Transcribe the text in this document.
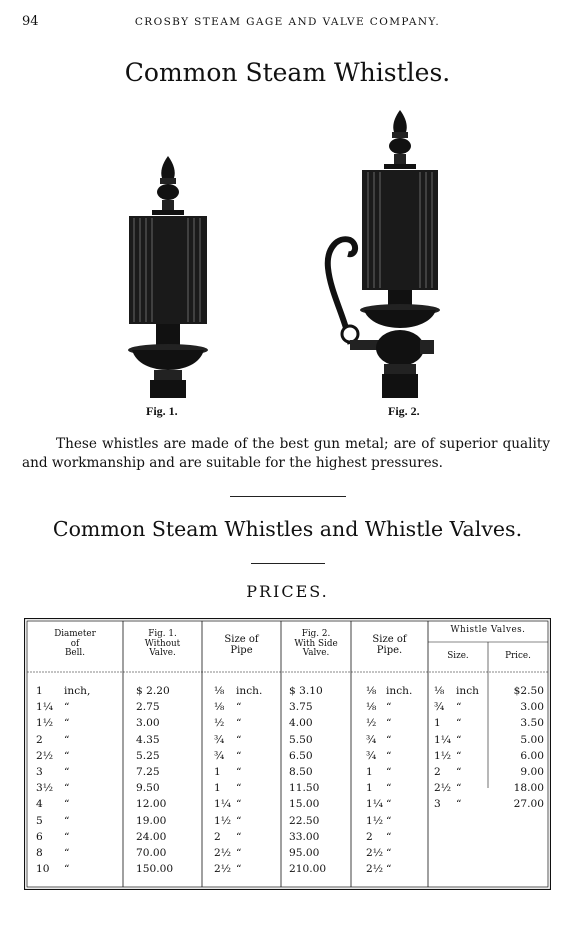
94	CROSBY STEAM GAGE AND VALVE COMPANY.
Common Steam Whistles.
Fig. 1.	Fig. 2.
These whistles are made of the best gun metal; are of superior quality and workmanship and are suitable for the highest pressures.
Common Steam Whistles and Whistle Valves.
PRICES.
Diameter
of
Bell.
Fig. 1.
Without
Valve.
Size of
Pipe
Fig. 2.
With Side
Valve.
Size of
Pipe.
Whistle Valves.
Size.	Price.
1	inch,	$ 2.20	⅛	inch.	$ 3.10	⅛ inch.	⅛	inch	$2.50
1¼	“	2.75	⅛	“	3.75	⅛ “	¾	“	3.00
1½	“	3.00	½	“	4.00	½ “	1	“	3.50
2	“	4.35	¾	“	5.50	¾ “	1¼ “	5.00
2½	“	5.25	¾	“	6.50	¾ “	1½ “	6.00
3	“	7.25	1	“	8.50	1	“	2	“	9.00
3½	“	9.50	1	“	11.50	1	“	2½ “	18.00
4	“	12.00	1¼ “	15.00	1¼ “	3	“	27.00
5	“	19.00	1½ “	22.50	1½ “
6	“	24.00	2	“	33.00	2	“
8	“	70.00	2½ “	95.00	2½ “
10	“	150.00	2½ “	210.00	2½ “
